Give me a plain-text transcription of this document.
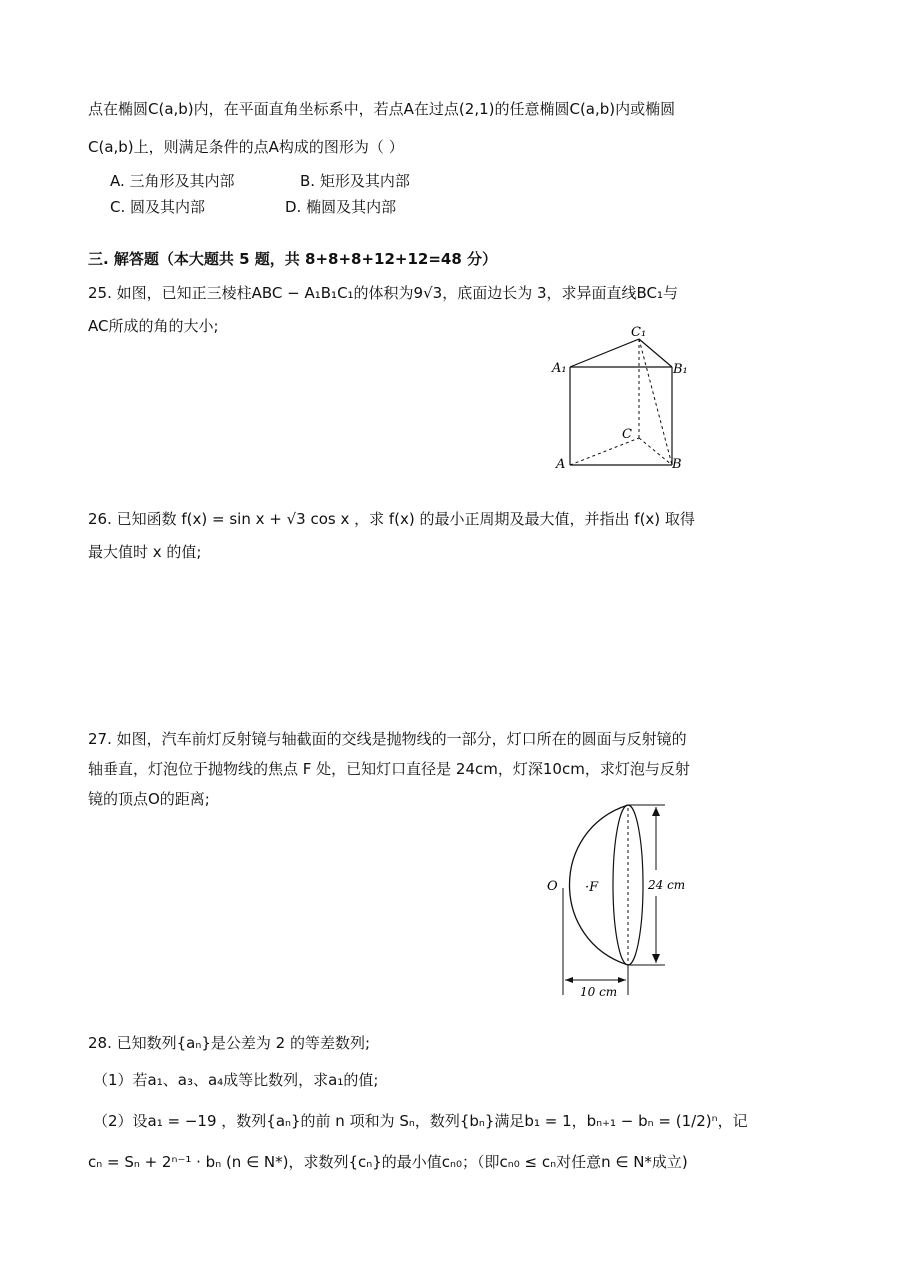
点在椭圆C(a,b)内，在平面直角坐标系中，若点A在过点(2,1)的任意椭圆C(a,b)内或椭圆
C(a,b)上，则满足条件的点A构成的图形为（ ）
A. 三角形及其内部	B. 矩形及其内部
C. 圆及其内部	D. 椭圆及其内部
三. 解答题（本大题共 5 题，共 8+8+8+12+12=48 分）
25. 如图，已知正三棱柱ABC − A₁B₁C₁的体积为9√3，底面边长为 3，求异面直线BC₁与
AC所成的角的大小;
A₁	B₁
C₁
A	B
C
26. 已知函数 f(x) = sin x + √3 cos x ，求 f(x) 的最小正周期及最大值，并指出 f(x) 取得
最大值时 x 的值;
27. 如图，汽车前灯反射镜与轴截面的交线是抛物线的一部分，灯口所在的圆面与反射镜的
轴垂直，灯泡位于抛物线的焦点 F 处，已知灯口直径是 24cm，灯深10cm，求灯泡与反射
镜的顶点O的距离;
24 cm
O ·F
10 cm
28. 已知数列{aₙ}是公差为 2 的等差数列;
（1）若a₁、a₃、a₄成等比数列，求a₁的值;
（2）设a₁ = −19 ，数列{aₙ}的前 n 项和为 Sₙ，数列{bₙ}满足b₁ = 1，bₙ₊₁ − bₙ = (1/2)ⁿ，记
cₙ = Sₙ + 2ⁿ⁻¹ · bₙ (n ∈ N*)，求数列{cₙ}的最小值cₙ₀；（即cₙ₀ ≤ cₙ对任意n ∈ N*成立)
